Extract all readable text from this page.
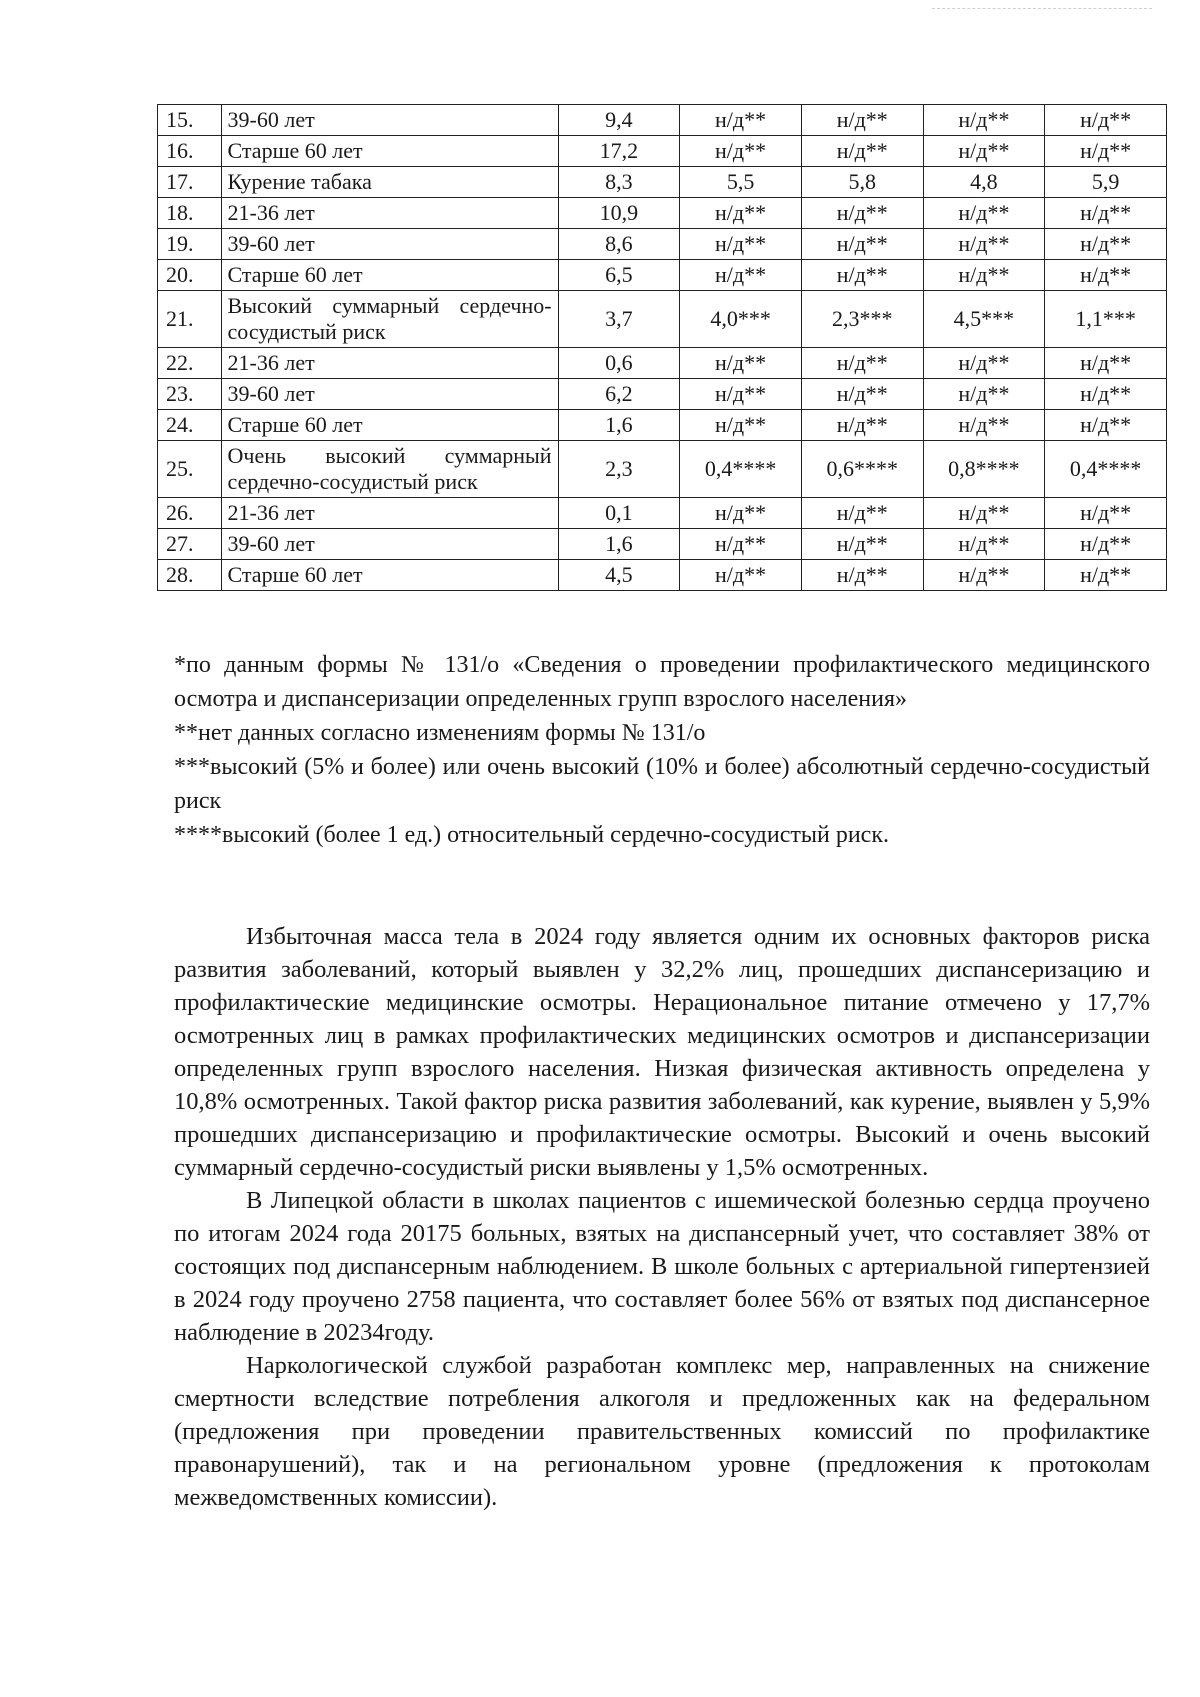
15.	39-60 лет	9,4	н/д**	н/д**	н/д**	н/д**
16.	Старше 60 лет	17,2	н/д**	н/д**	н/д**	н/д**
17.	Курение табака	8,3	5,5	5,8	4,8	5,9
18.	21-36 лет	10,9	н/д**	н/д**	н/д**	н/д**
19.	39-60 лет	8,6	н/д**	н/д**	н/д**	н/д**
20.	Старше 60 лет	6,5	н/д**	н/д**	н/д**	н/д**
21.	Высокий суммарный сердечно-сосудистый риск	3,7	4,0***	2,3***	4,5***	1,1***
22.	21-36 лет	0,6	н/д**	н/д**	н/д**	н/д**
23.	39-60 лет	6,2	н/д**	н/д**	н/д**	н/д**
24.	Старше 60 лет	1,6	н/д**	н/д**	н/д**	н/д**
25.	Очень высокий суммарный сердечно-сосудистый риск	2,3	0,4****	0,6****	0,8****	0,4****
26.	21-36 лет	0,1	н/д**	н/д**	н/д**	н/д**
27.	39-60 лет	1,6	н/д**	н/д**	н/д**	н/д**
28.	Старше 60 лет	4,5	н/д**	н/д**	н/д**	н/д**

*по данным формы № 131/о «Сведения о проведении профилактического медицинского осмотра и диспансеризации определенных групп взрослого населения»

**нет данных согласно изменениям формы № 131/о

***высокий (5% и более) или очень высокий (10% и более) абсолютный сердечно-сосудистый риск

****высокий (более 1 ед.) относительный сердечно-сосудистый риск.

Избыточная масса тела в 2024 году является одним их основных факторов риска развития заболеваний, который выявлен у 32,2% лиц, прошедших диспансеризацию и профилактические медицинские осмотры. Нерациональное питание отмечено у 17,7% осмотренных лиц в рамках профилактических медицинских осмотров и диспансеризации определенных групп взрослого населения. Низкая физическая активность определена у 10,8% осмотренных. Такой фактор риска развития заболеваний, как курение, выявлен у 5,9% прошедших диспансеризацию и профилактические осмотры. Высокий и очень высокий суммарный сердечно-сосудистый риски выявлены у 1,5% осмотренных.

В Липецкой области в школах пациентов с ишемической болезнью сердца проучено по итогам 2024 года 20175 больных, взятых на диспансерный учет, что составляет 38% от состоящих под диспансерным наблюдением. В школе больных с артериальной гипертензией в 2024 году проучено 2758 пациента, что составляет более 56% от взятых под диспансерное наблюдение в 20234году.

Наркологической службой разработан комплекс мер, направленных на снижение смертности вследствие потребления алкоголя и предложенных как на федеральном (предложения при проведении правительственных комиссий по профилактике правонарушений), так и на региональном уровне (предложения к протоколам межведомственных комиссии).
